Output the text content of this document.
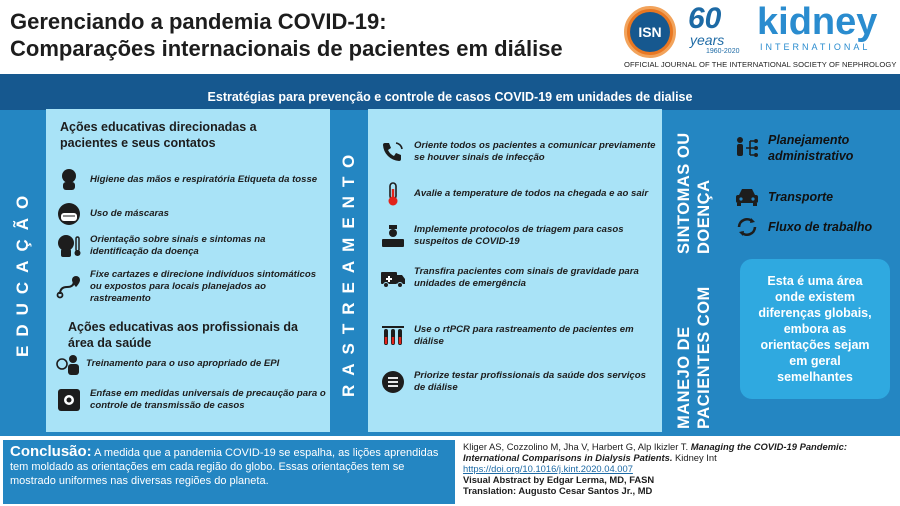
Gerenciando a pandemia COVID-19:
Comparações internacionais de pacientes em diálise
ISN 60
years
1960-2020
kidney
INTERNATIONAL
OFFICIAL JOURNAL OF THE INTERNATIONAL SOCIETY OF NEPHROLOGY
Estratégias para prevenção e controle de casos COVID-19 em unidades de dialise
EDUCAÇÃO	RASTREAMENTO	MANEJO DE PACIENTES COM
SINTOMAS OU DOENÇA
Ações educativas direcionadas a pacientes e seus contatos
Higiene das mãos e respiratória Etiqueta da tosse
Uso de máscaras
Orientação sobre sinais e sintomas na identificação da doença
Fixe cartazes e direcione indivíduos sintomáticos ou expostos para locais planejados ao rastreamento
Ações educativas aos profissionais da área da saúde
Treinamento para o uso apropriado de EPI
Enfase em medidas universais de precaução para o controle de transmissão de casos
Oriente todos os pacientes a comunicar previamente se houver sinais de infecção
Avalie a temperature de todos na chegada e ao sair
Implemente protocolos de triagem para casos suspeitos de COVID-19
Transfira pacientes com sinais de gravidade para unidades de emergência
Use o rtPCR para rastreamento de pacientes em diálise
Priorize testar profissionais da saúde dos serviços de diálise
Planejamento administrativo
Transporte
Fluxo de trabalho
Esta é uma área onde existem diferenças globais, embora as orientações sejam em geral semelhantes
Conclusão: A medida que a pandemia COVID-19 se espalha, as lições aprendidas tem moldado as orientações em cada região do globo. Essas orientações tem se mostrado uniformes nas diversas regiões do planeta.
Kliger AS, Cozzolino M, Jha V, Harbert G, Alp Ikizler T. Managing the COVID-19 Pandemic: International Comparisons in Dialysis Patients. Kidney Int
https://doi.org/10.1016/j.kint.2020.04.007
Visual Abstract by Edgar Lerma, MD, FASN
Translation: Augusto Cesar Santos Jr., MD
